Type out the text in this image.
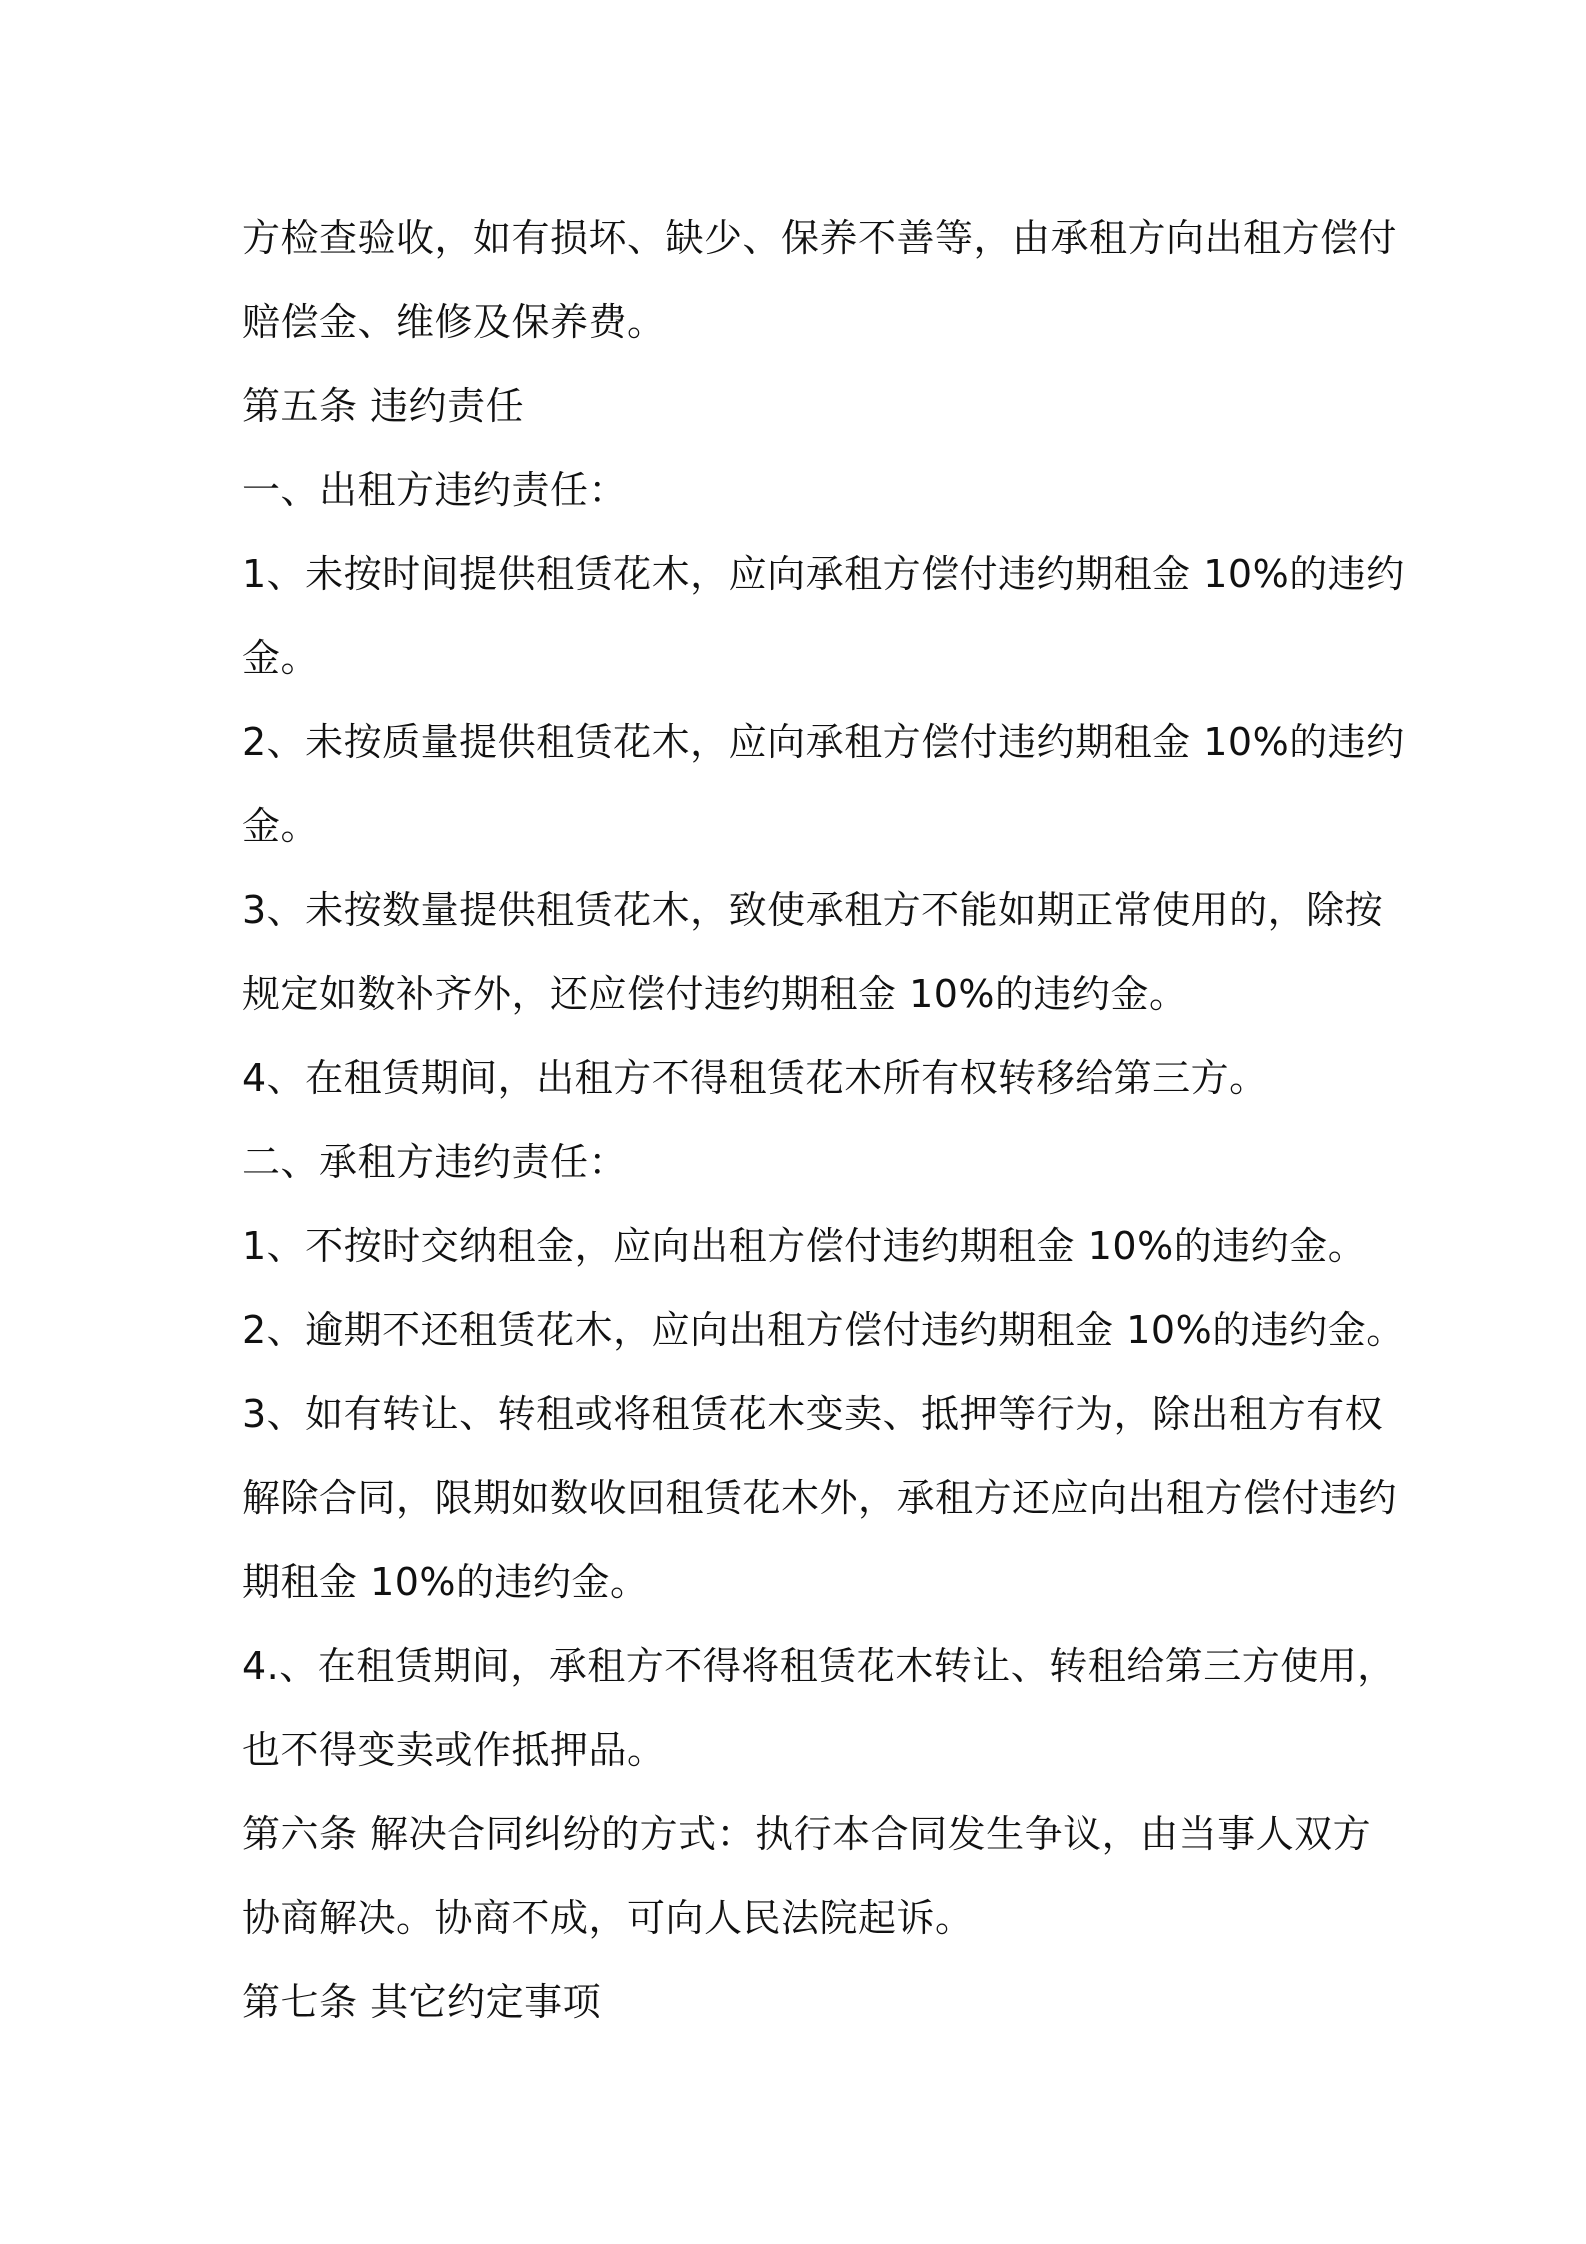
方检查验收，如有损坏、缺少、保养不善等，由承租方向出租方偿付
赔偿金、维修及保养费。
第五条 违约责任
一、出租方违约责任：
1、未按时间提供租赁花木，应向承租方偿付违约期租金 10%的违约
金。
2、未按质量提供租赁花木，应向承租方偿付违约期租金 10%的违约
金。
3、未按数量提供租赁花木，致使承租方不能如期正常使用的，除按
规定如数补齐外，还应偿付违约期租金 10%的违约金。
4、在租赁期间，出租方不得租赁花木所有权转移给第三方。
二、承租方违约责任：
1、不按时交纳租金，应向出租方偿付违约期租金 10%的违约金。
2、逾期不还租赁花木，应向出租方偿付违约期租金 10%的违约金。
3、如有转让、转租或将租赁花木变卖、抵押等行为，除出租方有权
解除合同，限期如数收回租赁花木外，承租方还应向出租方偿付违约
期租金 10%的违约金。
4.、在租赁期间，承租方不得将租赁花木转让、转租给第三方使用，
也不得变卖或作抵押品。
第六条 解决合同纠纷的方式：执行本合同发生争议，由当事人双方
协商解决。协商不成，可向人民法院起诉。
第七条 其它约定事项
